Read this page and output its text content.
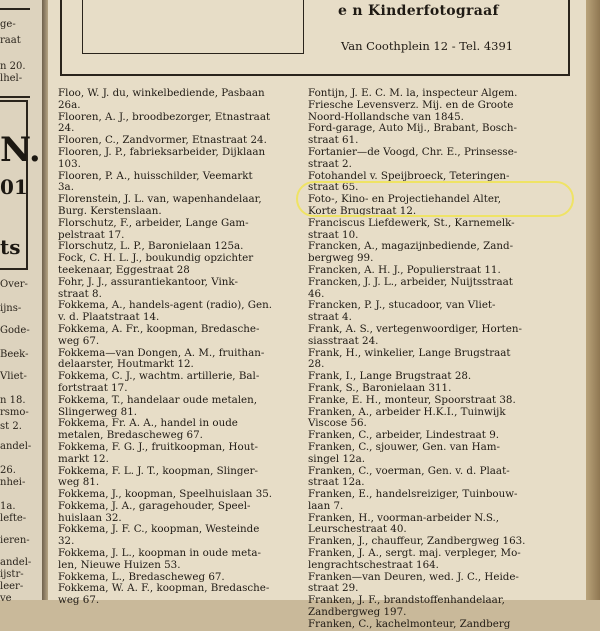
ge-
raat
n 20.
lhel-
N.
01
ts
Over-
ijns-
Gode-
Beek-
Vliet-
n 18.
rsmo-
st 2.
andel-
26.
nhei-
1a.
lefte-
ieren-
andel-
ijstr-
leer-
ve
e n Kinderfotograaf
Van Coothplein 12 - Tel. 4391
Floo, W. J. du, winkelbediende, Pasbaan
26a.
Flooren, A. J., broodbezorger, Etnastraat
24.
Flooren, C., Zandvormer, Etnastraat 24.
Flooren, J. P., fabrieksarbeider, Dijklaan
103.
Flooren, P. A., huisschilder, Veemarkt
3a.
Florenstein, J. L. van, wapenhandelaar,
Burg. Kerstenslaan.
Florschutz, F., arbeider, Lange Gam-
pelstraat 17.
Florschutz, L. P., Baronielaan 125a.
Fock, C. H. L. J., boukundig opzichter
teekenaar, Eggestraat 28
Fohr, J. J., assurantiekantoor, Vink-
straat 8.
Fokkema, A., handels-agent (radio), Gen.
v. d. Plaatstraat 14.
Fokkema, A. Fr., koopman, Bredasche-
weg 67.
Fokkema—van Dongen, A. M., fruithan-
delaarster, Houtmarkt 12.
Fokkema, C. J., wachtm. artillerie, Bal-
fortstraat 17.
Fokkema, T., handelaar oude metalen,
Slingerweg 81.
Fokkema, Fr. A. A., handel in oude
metalen, Bredascheweg 67.
Fokkema, F. G. J., fruitkoopman, Hout-
markt 12.
Fokkema, F. L. J. T., koopman, Slinger-
weg 81.
Fokkema, J., koopman, Speelhuislaan 35.
Fokkema, J. A., garagehouder, Speel-
huislaan 32.
Fokkema, J. F. C., koopman, Westeinde
32.
Fokkema, J. L., koopman in oude meta-
len, Nieuwe Huizen 53.
Fokkema, L., Bredascheweg 67.
Fokkema, W. A. F., koopman, Bredasche-
weg 67.
Fontijn, J. E. C. M. la, inspecteur Algem.
Friesche Levensverz. Mij. en de Groote
Noord-Hollandsche van 1845.
Ford-garage, Auto Mij., Brabant, Bosch-
straat 61.
Fortanier—de Voogd, Chr. E., Prinsesse-
straat 2.
Fotohandel v. Speijbroeck, Teteringen-
straat 65.
Foto-, Kino- en Projectiehandel Alter,
Korte Brugstraat 12.
Franciscus Liefdewerk, St., Karnemelk-
straat 10.
Francken, A., magazijnbediende, Zand-
bergweg 99.
Francken, A. H. J., Populierstraat 11.
Francken, J. J. L., arbeider, Nuijtsstraat
46.
Francken, P. J., stucadoor, van Vliet-
straat 4.
Frank, A. S., vertegenwoordiger, Horten-
siasstraat 24.
Frank, H., winkelier, Lange Brugstraat
28.
Frank, I., Lange Brugstraat 28.
Frank, S., Baronielaan 311.
Franke, E. H., monteur, Spoorstraat 38.
Franken, A., arbeider H.K.I., Tuinwijk
Viscose 56.
Franken, C., arbeider, Lindestraat 9.
Franken, C., sjouwer, Gen. van Ham-
singel 12a.
Franken, C., voerman, Gen. v. d. Plaat-
straat 12a.
Franken, E., handelsreiziger, Tuinbouw-
laan 7.
Franken, H., voorman-arbeider N.S.,
Leurschestraat 40.
Franken, J., chauffeur, Zandbergweg 163.
Franken, J. A., sergt. maj. verpleger, Mo-
lengrachtschestraat 164.
Franken—van Deuren, wed. J. C., Heide-
straat 29.
Franken, J. F., brandstoffenhandelaar,
Zandbergweg 197.
Franken, C., kachelmonteur, Zandberg
